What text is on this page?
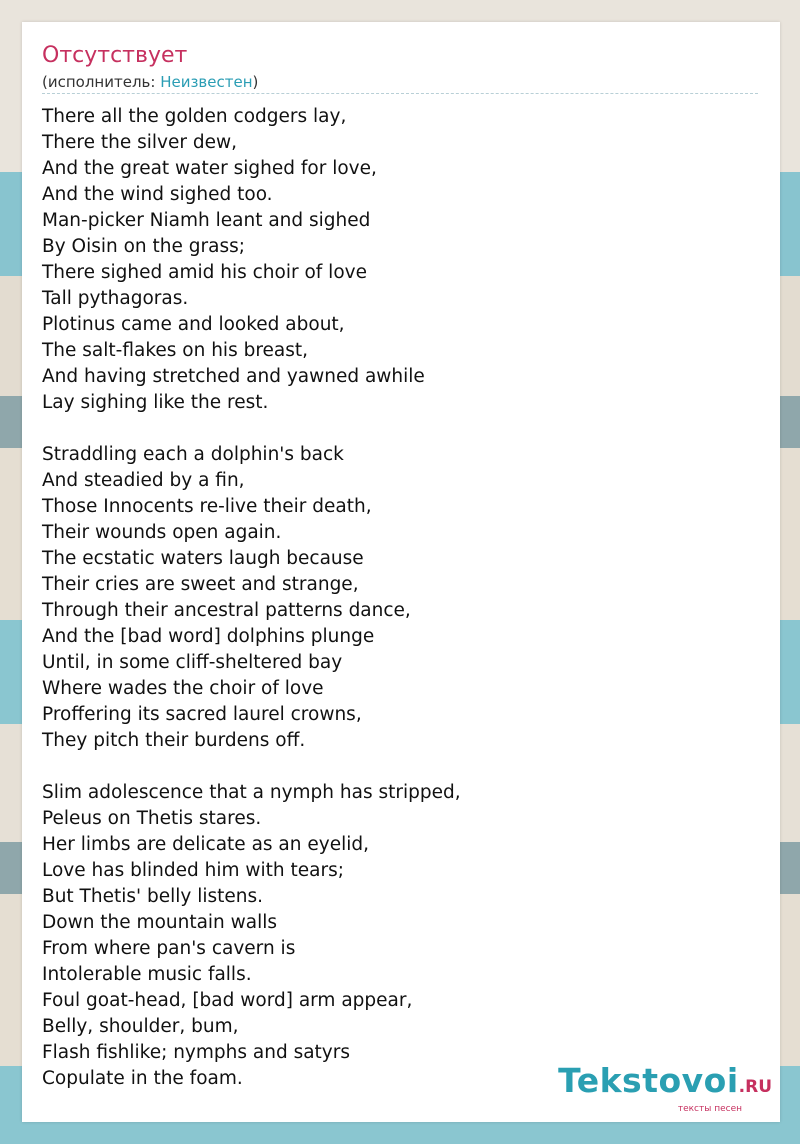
Отсутствует
(исполнитель: Неизвестен)
There all the golden codgers lay,
There the silver dew,
And the great water sighed for love,
And the wind sighed too.
Man-picker Niamh leant and sighed
By Oisin on the grass;
There sighed amid his choir of love
Tall pythagoras.
Plotinus came and looked about,
The salt-flakes on his breast,
And having stretched and yawned awhile
Lay sighing like the rest.
Straddling each a dolphin's back
And steadied by a fin,
Those Innocents re-live their death,
Their wounds open again.
The ecstatic waters laugh because
Their cries are sweet and strange,
Through their ancestral patterns dance,
And the [bad word] dolphins plunge
Until, in some cliff-sheltered bay
Where wades the choir of love
Proffering its sacred laurel crowns,
They pitch their burdens off.
Slim adolescence that a nymph has stripped,
Peleus on Thetis stares.
Her limbs are delicate as an eyelid,
Love has blinded him with tears;
But Thetis' belly listens.
Down the mountain walls
From where pan's cavern is
Intolerable music falls.
Foul goat-head, [bad word] arm appear,
Belly, shoulder, bum,
Flash fishlike; nymphs and satyrs
Copulate in the foam.	Tekstovoi.RU
тексты песен
